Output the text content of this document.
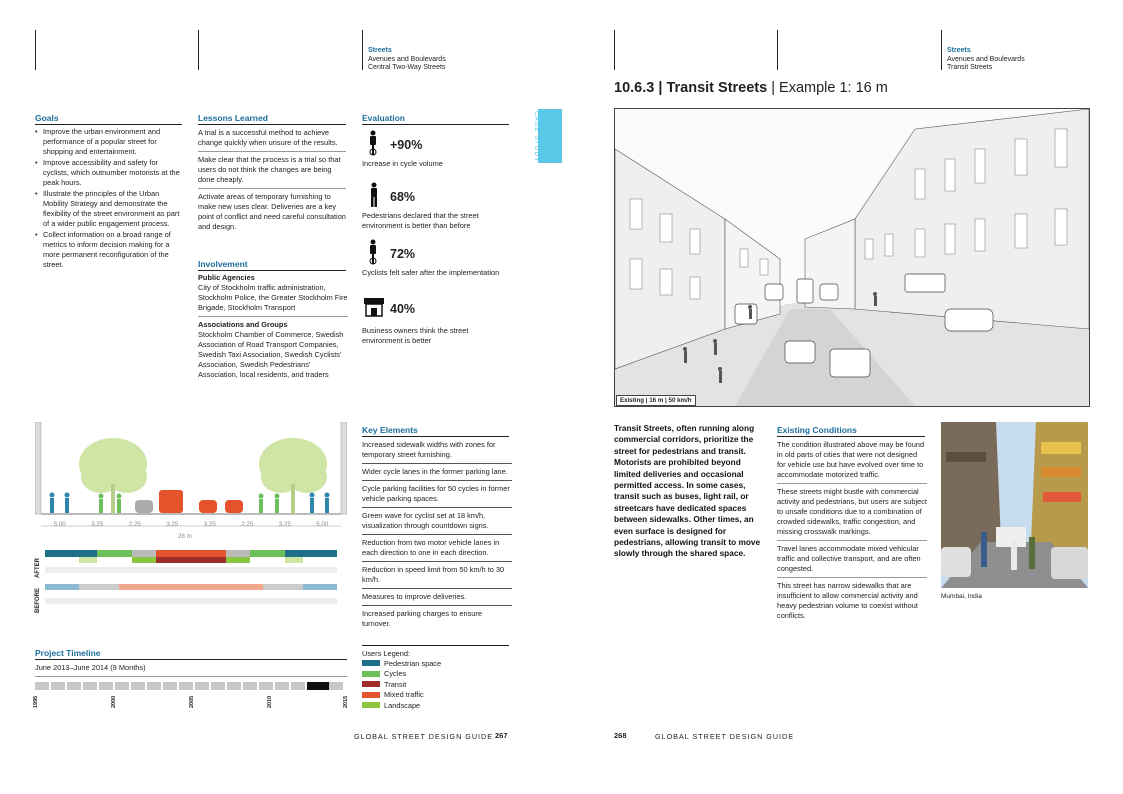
Streets
Avenues and Boulevards
Central Two-Way Streets
Goals
• Improve the urban environment and performance of a popular street for shopping and entertainment.
• Improve accessibility and safety for cyclists, which outnumber motorists at the peak hours.
• Illustrate the principles of the Urban Mobility Strategy and demonstrate the flexibility of the street environment as part of a wider public engagement process.
• Collect information on a broad range of metrics to inform decision making for a more permanent reconfiguration of the street.
Lessons Learned
A trial is a successful method to achieve change quickly when unsure of the results.
Make clear that the process is a trial so that users do not think the changes are being done cheaply.
Activate areas of temporary furnishing to make new uses clear. Deliveries are a key point of conflict and need careful consultation and design.
Involvement
Public Agencies
City of Stockholm traffic administration, Stockholm Police, the Greater Stockholm Fire Brigade, Stockholm Transport
Associations and Groups
Stockholm Chamber of Commerce, Swedish Association of Road Transport Companies, Swedish Taxi Association, Swedish Cyclists' Association, Swedish Pedestrians' Association, local residents, and traders
Evaluation
+90%
Increase in cycle volume
68%
Pedestrians declared that the street environment is better than before
72%
Cyclists felt safer after the implementation
40%
Business owners think the street environment is better
CASE STUDY
5.00	3.25	2.25	3.25	3.25	2.25	3.25	5.00
28 m
AFTER
BEFORE
Key Elements
Increased sidewalk widths with zones for temporary street furnishing.
Wider cycle lanes in the former parking lane.
Cycle parking facilities for 50 cycles in former vehicle parking spaces.
Green wave for cyclist set at 18 km/h, visualization through countdown signs.
Reduction from two motor vehicle lanes in each direction to one in each direction.
Reduction in speed limit from 50 km/h to 30 km/h.
Measures to improve deliveries.
Increased parking charges to ensure turnover.
Project Timeline
June 2013–June 2014 (9 Months)
1995	2000	2005	2010	2015
Users Legend:
Pedestrian space
Cycles
Transit
Mixed traffic
Landscape
GLOBAL STREET DESIGN GUIDE 267
Streets
Avenues and Boulevards
Transit Streets
10.6.3 | Transit Streets | Example 1: 16 m
Existing | 16 m | 50 km/h
Transit Streets, often running along commercial corridors, prioritize the street for pedestrians and transit. Motorists are prohibited beyond limited deliveries and occasional permitted access. In some cases, transit such as buses, light rail, or streetcars have dedicated spaces between sidewalks. Other times, an even surface is designed for pedestrians, allowing transit to move slowly through the shared space.
Existing Conditions
The condition illustrated above may be found in old parts of cities that were not designed for vehicle use but have evolved over time to accommodate motorized traffic.
These streets might bustle with commercial activity and pedestrians, but users are subject to unsafe conditions due to a combination of crowded sidewalks, traffic congestion, and missing crosswalk markings.
Travel lanes accommodate mixed vehicular traffic and collective transport, and are often congested.
This street has narrow sidewalks that are insufficient to allow commercial activity and heavy pedestrian volume to coexist without conflicts.
Mumbai, India
268	GLOBAL STREET DESIGN GUIDE
